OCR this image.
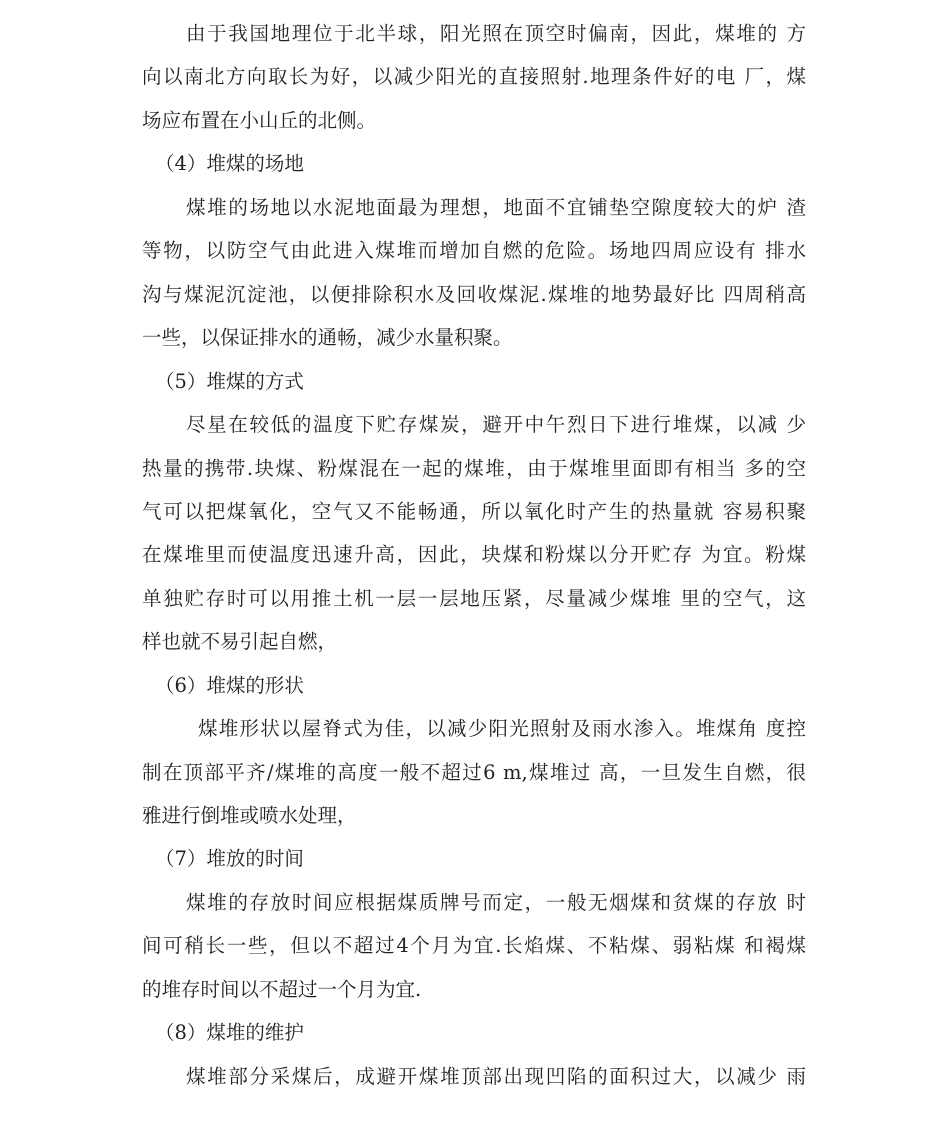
由于我国地理位于北半球，阳光照在顶空时偏南，因此，煤堆的 方
向以南北方向取长为好，以减少阳光的直接照射.地理条件好的电 厂，煤
场应布置在小山丘的北侧。
（4）堆煤的场地
煤堆的场地以水泥地面最为理想，地面不宜铺垫空隙度较大的炉 渣
等物，以防空气由此进入煤堆而增加自燃的危险。场地四周应设有 排水
沟与煤泥沉淀池，以便排除积水及回收煤泥.煤堆的地势最好比 四周稍高
一些，以保证排水的通畅，减少水量积聚。
（5）堆煤的方式
尽星在较低的温度下贮存煤炭，避开中午烈日下进行堆煤，以减 少
热量的携带.块煤、粉煤混在一起的煤堆，由于煤堆里面即有相当 多的空
气可以把煤氧化，空气又不能畅通，所以氧化时产生的热量就 容易积聚
在煤堆里而使温度迅速升高，因此，块煤和粉煤以分开贮存 为宜。粉煤
单独贮存时可以用推土机一层一层地压紧，尽量减少煤堆 里的空气，这
样也就不易引起自燃，
（6）堆煤的形状
煤堆形状以屋脊式为佳，以减少阳光照射及雨水渗入。堆煤角 度控
制在顶部平齐/煤堆的高度一般不超过6 m,煤堆过 高，一旦发生自燃，很
雅进行倒堆或喷水处理，
（7）堆放的时间
煤堆的存放时间应根据煤质牌号而定，一般无烟煤和贫煤的存放 时
间可稍长一些，但以不超过4个月为宜.长焰煤、不粘煤、弱粘煤 和褐煤
的堆存时间以不超过一个月为宜.
（8）煤堆的维护
煤堆部分采煤后，成避开煤堆顶部出现凹陷的面积过大，以减少 雨
